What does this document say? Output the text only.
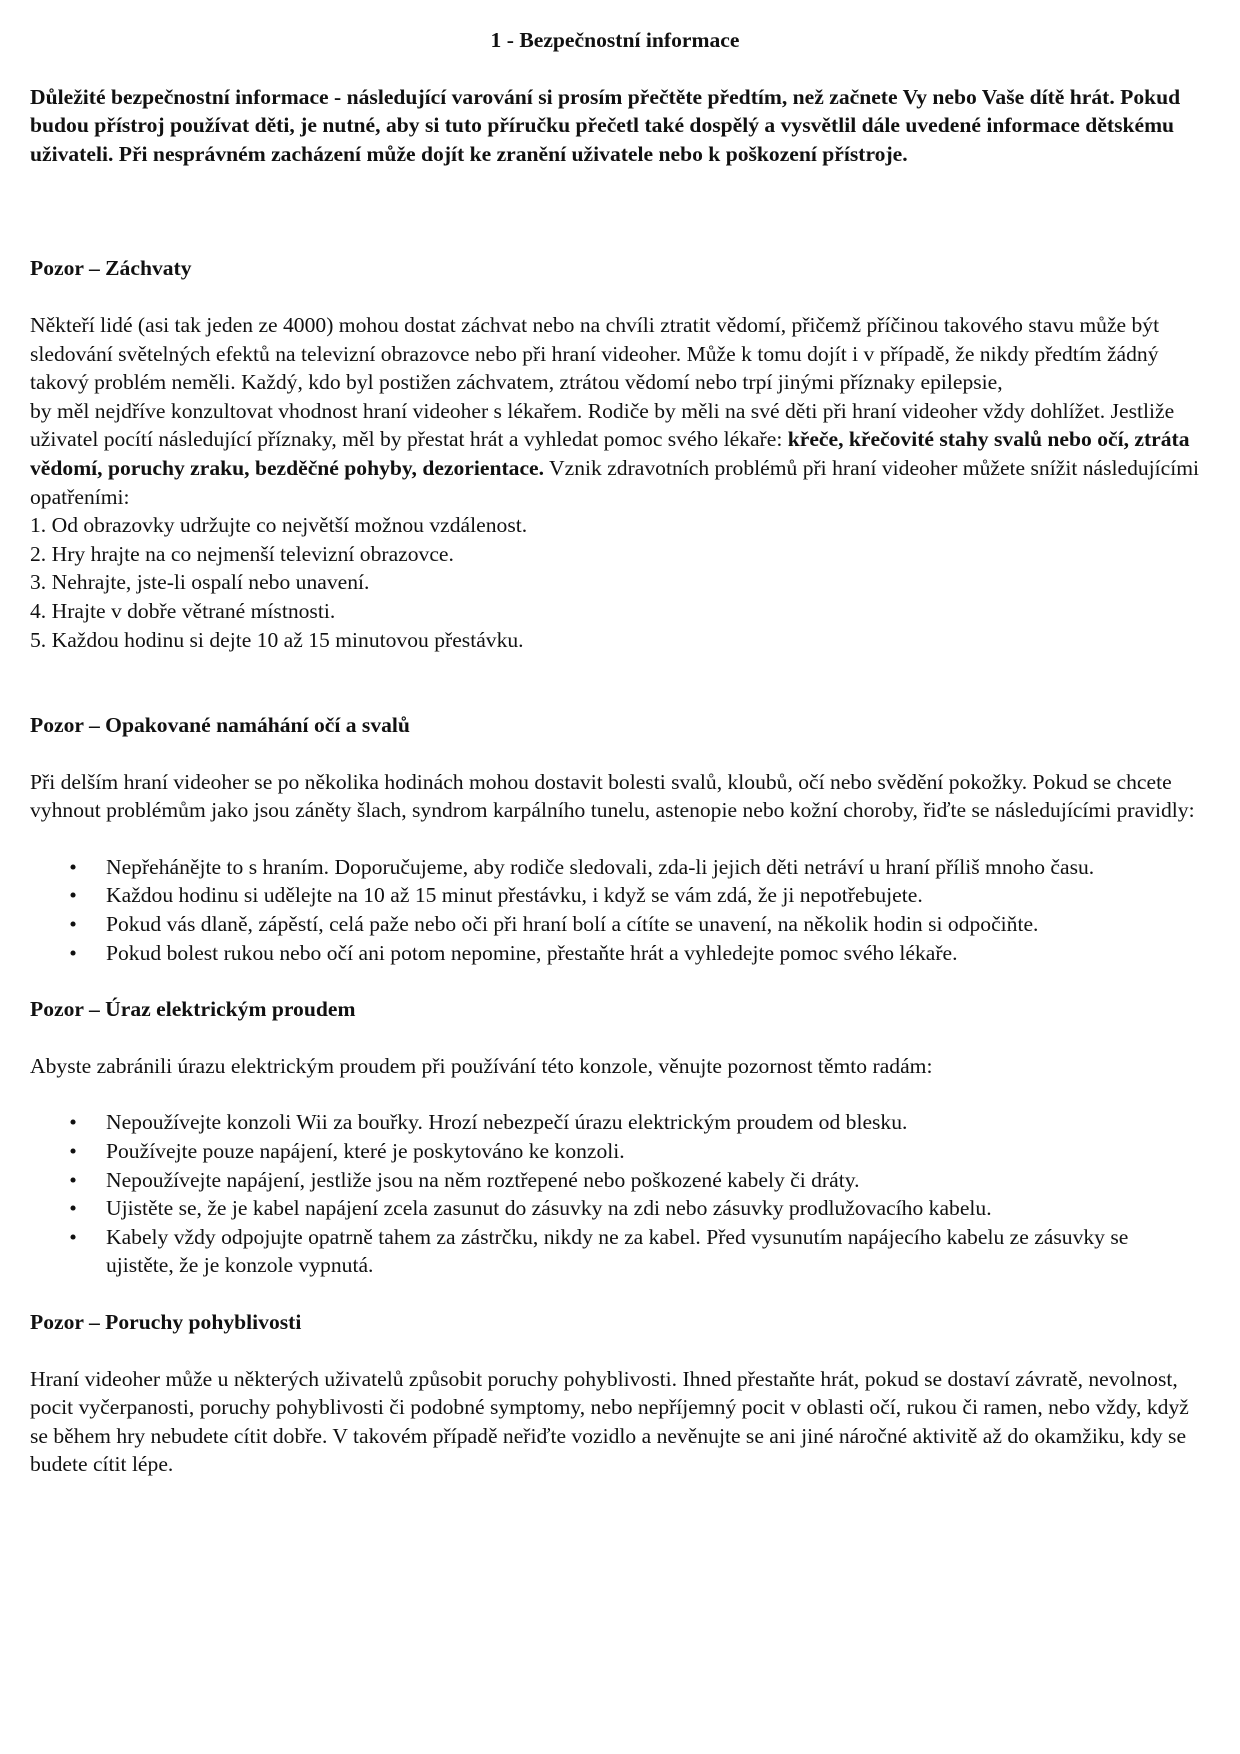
1 - Bezpečnostní informace

Důležité bezpečnostní informace - následující varování si prosím přečtěte předtím, než začnete Vy nebo Vaše dítě hrát. Pokud budou přístroj používat děti, je nutné, aby si tuto příručku přečetl také dospělý a vysvětlil dále uvedené informace dětskému uživateli. Při nesprávném zacházení může dojít ke zranění uživatele nebo k poškození přístroje.

Pozor – Záchvaty

Někteří lidé (asi tak jeden ze 4000) mohou dostat záchvat nebo na chvíli ztratit vědomí, přičemž příčinou takového stavu může být sledování světelných efektů na televizní obrazovce nebo při hraní videoher. Může k tomu dojít i v případě, že nikdy předtím žádný takový problém neměli. Každý, kdo byl postižen záchvatem, ztrátou vědomí nebo trpí jinými příznaky epilepsie,

by měl nejdříve konzultovat vhodnost hraní videoher s lékařem. Rodiče by měli na své děti při hraní videoher vždy dohlížet. Jestliže uživatel pocítí následující příznaky, měl by přestat hrát a vyhledat pomoc svého lékaře: křeče, křečovité stahy svalů nebo očí, ztráta vědomí, poruchy zraku, bezděčné pohyby, dezorientace. Vznik zdravotních problémů při hraní videoher můžete snížit následujícími opatřeními:

1. Od obrazovky udržujte co největší možnou vzdálenost.
2. Hry hrajte na co nejmenší televizní obrazovce.
3. Nehrajte, jste-li ospalí nebo unavení.
4. Hrajte v dobře větrané místnosti.
5. Každou hodinu si dejte 10 až 15 minutovou přestávku.

Pozor – Opakované namáhání očí a svalů

Při delším hraní videoher se po několika hodinách mohou dostavit bolesti svalů, kloubů, očí nebo svědění pokožky. Pokud se chcete vyhnout problémům jako jsou záněty šlach, syndrom karpálního tunelu, astenopie nebo kožní choroby, řiďte se následujícími pravidly:

• Nepřehánějte to s hraním. Doporučujeme, aby rodiče sledovali, zda-li jejich děti netráví u hraní příliš mnoho času.
• Každou hodinu si udělejte na 10 až 15 minut přestávku, i když se vám zdá, že ji nepotřebujete.
• Pokud vás dlaně, zápěstí, celá paže nebo oči při hraní bolí a cítíte se unavení, na několik hodin si odpočiňte.
• Pokud bolest rukou nebo očí ani potom nepomine, přestaňte hrát a vyhledejte pomoc svého lékaře.

Pozor – Úraz elektrickým proudem

Abyste zabránili úrazu elektrickým proudem při používání této konzole, věnujte pozornost těmto radám:

• Nepoužívejte konzoli Wii za bouřky. Hrozí nebezpečí úrazu elektrickým proudem od blesku.
• Používejte pouze napájení, které je poskytováno ke konzoli.
• Nepoužívejte napájení, jestliže jsou na něm roztřepené nebo poškozené kabely či dráty.
• Ujistěte se, že je kabel napájení zcela zasunut do zásuvky na zdi nebo zásuvky prodlužovacího kabelu.
• Kabely vždy odpojujte opatrně tahem za zástrčku, nikdy ne za kabel. Před vysunutím napájecího kabelu ze zásuvky se ujistěte, že je konzole vypnutá.

Pozor – Poruchy pohyblivosti

Hraní videoher může u některých uživatelů způsobit poruchy pohyblivosti. Ihned přestaňte hrát, pokud se dostaví závratě, nevolnost, pocit vyčerpanosti, poruchy pohyblivosti či podobné symptomy, nebo nepříjemný pocit v oblasti očí, rukou či ramen, nebo vždy, když se během hry nebudete cítit dobře. V takovém případě neřiďte vozidlo a nevěnujte se ani jiné náročné aktivitě až do okamžiku, kdy se budete cítit lépe.
